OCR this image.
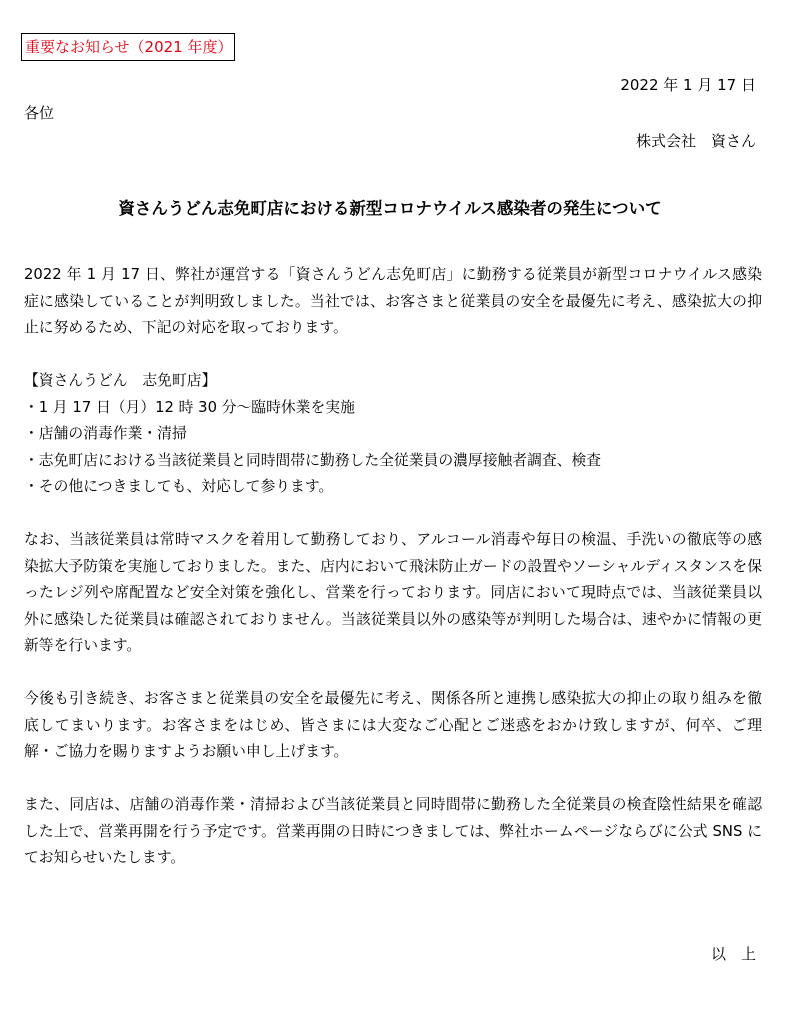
重要なお知らせ（2021 年度）
2022 年 1 月 17 日
各位
株式会社　資さん
資さんうどん志免町店における新型コロナウイルス感染者の発生について

2022 年 1 月 17 日、弊社が運営する「資さんうどん志免町店」に勤務する従業員が新型コロナウイルス感染症に感染していることが判明致しました。当社では、お客さまと従業員の安全を最優先に考え、感染拡大の抑止に努めるため、下記の対応を取っております。

【資さんうどん　志免町店】

・1 月 17 日（月）12 時 30 分～臨時休業を実施
・店舗の消毒作業・清掃
・志免町店における当該従業員と同時間帯に勤務した全従業員の濃厚接触者調査、検査
・その他につきましても、対応して参ります。

なお、当該従業員は常時マスクを着用して勤務しており、アルコール消毒や毎日の検温、手洗いの徹底等の感染拡大予防策を実施しておりました。また、店内において飛沫防止ガードの設置やソーシャルディスタンスを保ったレジ列や席配置など安全対策を強化し、営業を行っております。同店において現時点では、当該従業員以外に感染した従業員は確認されておりません。当該従業員以外の感染等が判明した場合は、速やかに情報の更新等を行います。

今後も引き続き、お客さまと従業員の安全を最優先に考え、関係各所と連携し感染拡大の抑止の取り組みを徹底してまいります。お客さまをはじめ、皆さまには大変なご心配とご迷惑をおかけ致しますが、何卒、ご理解・ご協力を賜りますようお願い申し上げます。

また、同店は、店舗の消毒作業・清掃および当該従業員と同時間帯に勤務した全従業員の検査陰性結果を確認した上で、営業再開を行う予定です。営業再開の日時につきましては、弊社ホームページならびに公式 SNS にてお知らせいたします。

以　上
